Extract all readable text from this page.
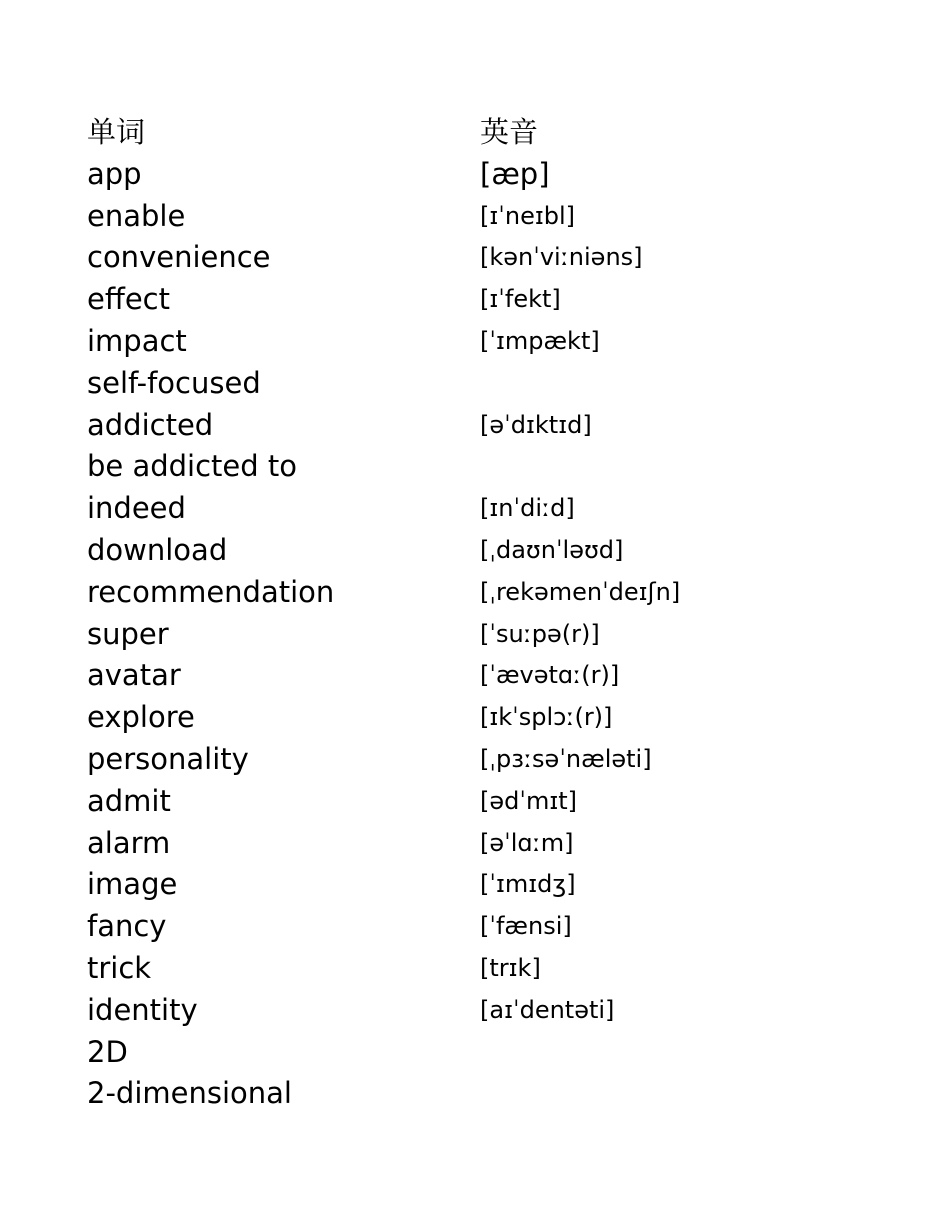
单词	英音
app	[æp]
enable	[ɪˈneɪbl]
convenience	[kənˈviːniəns]
effect	[ɪˈfekt]
impact	[ˈɪmpækt]
self-focused
addicted	[əˈdɪktɪd]
be addicted to
indeed	[ɪnˈdiːd]
download	[ˌdaʊnˈləʊd]
recommendation	[ˌrekəmenˈdeɪʃn]
super	[ˈsuːpə(r)]
avatar	[ˈævətɑː(r)]
explore	[ɪkˈsplɔː(r)]
personality	[ˌpɜːsəˈnæləti]
admit	[ədˈmɪt]
alarm	[əˈlɑːm]
image	[ˈɪmɪdʒ]
fancy	[ˈfænsi]
trick	[trɪk]
identity	[aɪˈdentəti]
2D
2-dimensional
